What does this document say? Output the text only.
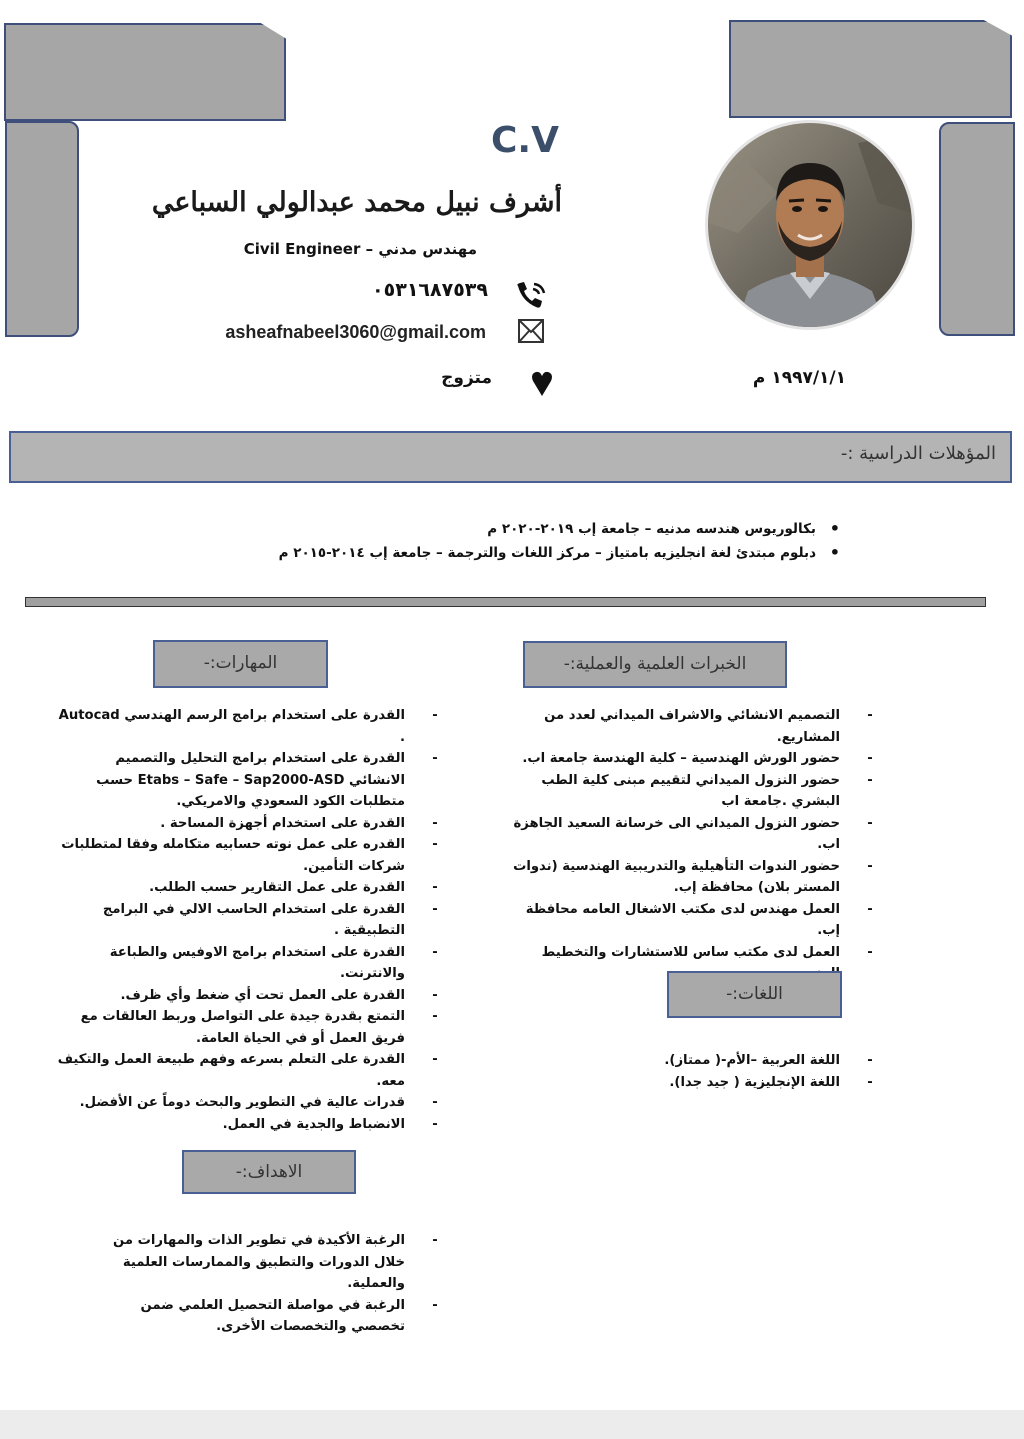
C.V
أشرف نبيل محمد عبدالولي السباعي
مهندس مدني – Civil Engineer
٠٥٣١٦٨٧٥٣٩
asheafnabeel3060@gmail.com
متزوج	١٩٩٧/١/١ م
المؤهلات الدراسية :-
• بكالوريوس هندسه مدنيه – جامعة إب ٢٠١٩-٢٠٢٠ م
• دبلوم مبتدئ لغة انجليزيه بامتياز – مركز اللغات والترجمة – جامعة إب ٢٠١٤-٢٠١٥ م
الخبرات العلمية والعملية:-
- التصميم الانشائي والاشراف الميداني لعدد من المشاريع.
- حضور الورش الهندسية – كلية الهندسة جامعة اب.
- حضور النزول الميداني لتقييم مبنى كلية الطب البشري .جامعة اب
- حضور النزول الميداني الى خرسانة السعيد الجاهزة اب.
- حضور الندوات التأهيلية والتدريبية الهندسية (ندوات المستر بلان) محافظة إب.
- العمل مهندس لدى مكتب الاشغال العامه محافظة إب.
- العمل لدى مكتب ساس للاستشارات والتخطيط
المهارات:-
- القدرة على استخدام برامج الرسم الهندسي Autocad .
- القدرة على استخدام برامج التحليل والتصميم الانشائي Etabs – Safe – Sap2000-ASD حسب متطلبات الكود السعودي والامريكي.
- القدرة على استخدام أجهزة المساحة .
- القدره على عمل نوته حسابيه متكامله وفقا لمتطلبات شركات التأمين.
- القدرة على عمل التقارير حسب الطلب.
- القدرة على استخدام الحاسب الالي في البرامج التطبيقية .
- القدرة على استخدام برامج الاوفيس والطباعة والانترنت.
- القدرة على العمل تحت أي ضغط وأي ظرف.
- التمتع بقدرة جيدة على التواصل وربط العالقات مع فريق العمل أو في الحياة العامة.
- القدرة على التعلم بسرعه وفهم طبيعة العمل والتكيف معه.
- قدرات عالية في التطوير والبحث دوماً عن الأفضل.
- الانضباط والجدية في العمل.
اللغات:-
- اللغة العربية –الأم-( ممتاز).
- اللغة الإنجليزية ( جيد جدا).
الاهداف:-
- الرغبة الأكيدة في تطوير الذات والمهارات من خلال الدورات والتطبيق والممارسات العلمية والعملية.
- الرغبة في مواصلة التحصيل العلمي ضمن تخصصي والتخصصات الأخرى.
